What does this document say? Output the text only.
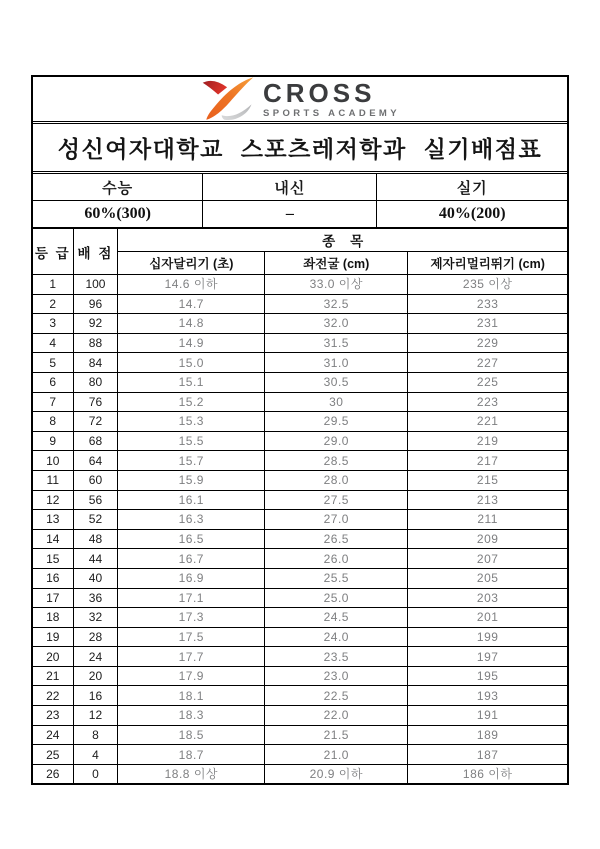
CROSS
SPORTS ACADEMY
성신여자대학교 스포츠레저학과 실기배점표
수능	내신	실기
60%(300)	–	40%(200)
등 급	배 점	종    목		
		십자달리기 (초)	좌전굴 (cm)	제자리멀리뛰기 (cm)
1	100	14.6 이하	33.0 이상	235 이상
2	96	14.7	32.5	233
3	92	14.8	32.0	231
4	88	14.9	31.5	229
5	84	15.0	31.0	227
6	80	15.1	30.5	225
7	76	15.2	30	223
8	72	15.3	29.5	221
9	68	15.5	29.0	219
10	64	15.7	28.5	217
11	60	15.9	28.0	215
12	56	16.1	27.5	213
13	52	16.3	27.0	211
14	48	16.5	26.5	209
15	44	16.7	26.0	207
16	40	16.9	25.5	205
17	36	17.1	25.0	203
18	32	17.3	24.5	201
19	28	17.5	24.0	199
20	24	17.7	23.5	197
21	20	17.9	23.0	195
22	16	18.1	22.5	193
23	12	18.3	22.0	191
24	8	18.5	21.5	189
25	4	18.7	21.0	187
26	0	18.8 이상	20.9 이하	186 이하
